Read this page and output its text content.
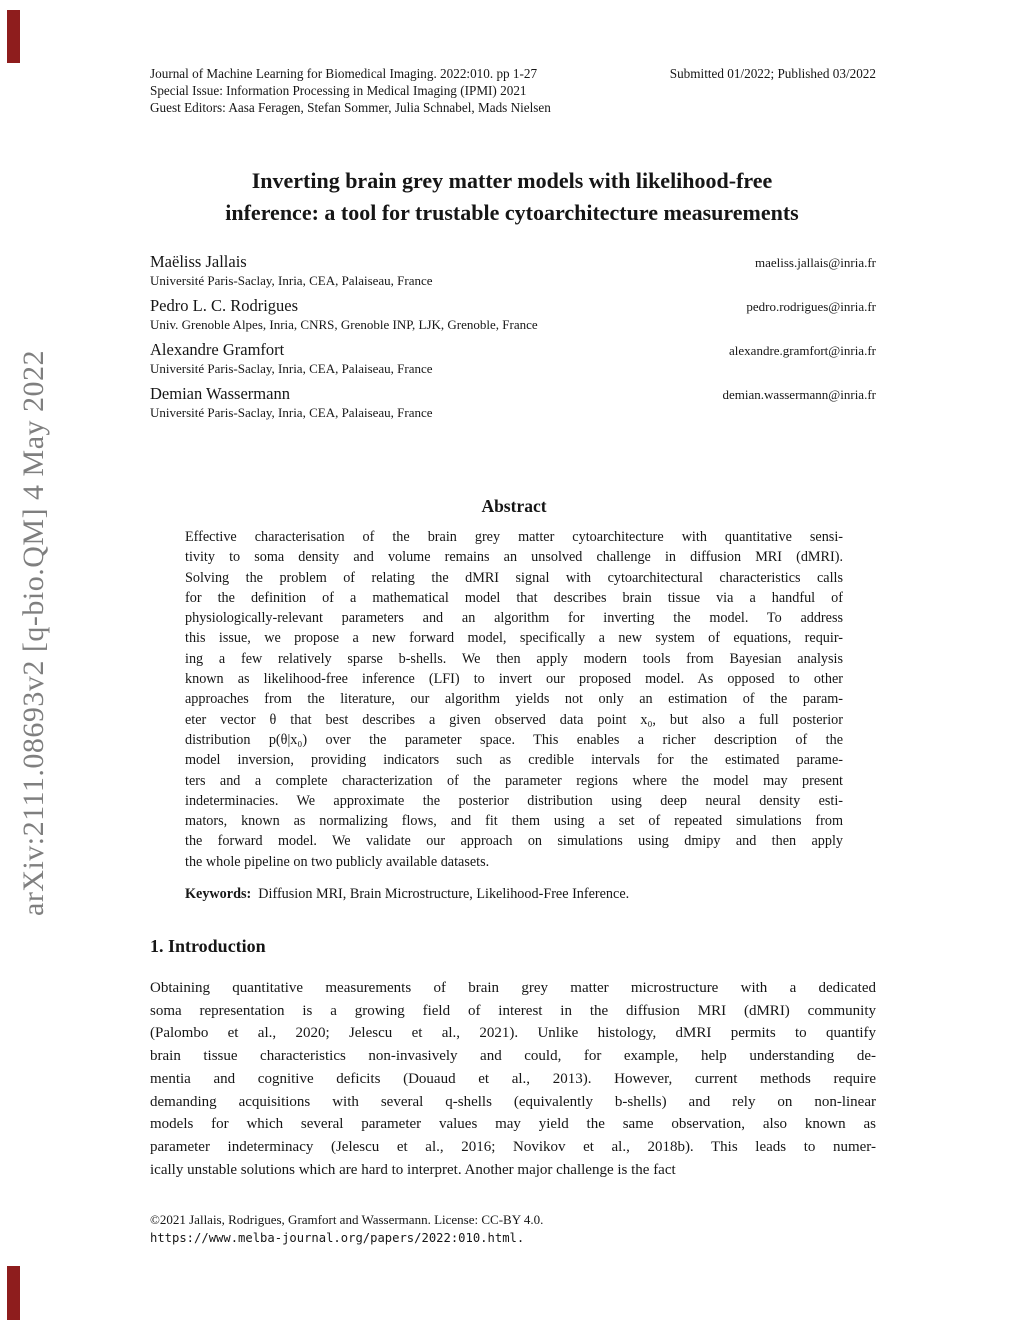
arXiv:2111.08693v2 [q-bio.QM] 4 May 2022
Journal of Machine Learning for Biomedical Imaging. 2022:010. pp 1-27
Special Issue: Information Processing in Medical Imaging (IPMI) 2021
Guest Editors: Aasa Feragen, Stefan Sommer, Julia Schnabel, Mads Nielsen
Submitted 01/2022; Published 03/2022
Inverting brain grey matter models with likelihood-free
inference: a tool for trustable cytoarchitecture measurements
Maëliss Jallais	maeliss.jallais@inria.fr
Université Paris-Saclay, Inria, CEA, Palaiseau, France
Pedro L. C. Rodrigues	pedro.rodrigues@inria.fr
Univ. Grenoble Alpes, Inria, CNRS, Grenoble INP, LJK, Grenoble, France
Alexandre Gramfort	alexandre.gramfort@inria.fr
Université Paris-Saclay, Inria, CEA, Palaiseau, France
Demian Wassermann	demian.wassermann@inria.fr
Université Paris-Saclay, Inria, CEA, Palaiseau, France
Abstract
Effective characterisation of the brain grey matter cytoarchitecture with quantitative sensi-
tivity to soma density and volume remains an unsolved challenge in diffusion MRI (dMRI).
Solving the problem of relating the dMRI signal with cytoarchitectural characteristics calls
for the definition of a mathematical model that describes brain tissue via a handful of
physiologically-relevant parameters and an algorithm for inverting the model. To address
this issue, we propose a new forward model, specifically a new system of equations, requir-
ing a few relatively sparse b-shells. We then apply modern tools from Bayesian analysis
known as likelihood-free inference (LFI) to invert our proposed model. As opposed to other
approaches from the literature, our algorithm yields not only an estimation of the param-
eter vector θ that best describes a given observed data point x₀, but also a full posterior
distribution p(θ|x₀) over the parameter space. This enables a richer description of the
model inversion, providing indicators such as credible intervals for the estimated parame-
ters and a complete characterization of the parameter regions where the model may present
indeterminacies. We approximate the posterior distribution using deep neural density esti-
mators, known as normalizing flows, and fit them using a set of repeated simulations from
the forward model. We validate our approach on simulations using dmipy and then apply
the whole pipeline on two publicly available datasets.
Keywords: Diffusion MRI, Brain Microstructure, Likelihood-Free Inference.
1. Introduction
Obtaining quantitative measurements of brain grey matter microstructure with a dedicated
soma representation is a growing field of interest in the diffusion MRI (dMRI) community
(Palombo et al., 2020; Jelescu et al., 2021). Unlike histology, dMRI permits to quantify
brain tissue characteristics non-invasively and could, for example, help understanding de-
mentia and cognitive deficits (Douaud et al., 2013). However, current methods require
demanding acquisitions with several q-shells (equivalently b-shells) and rely on non-linear
models for which several parameter values may yield the same observation, also known as
parameter indeterminacy (Jelescu et al., 2016; Novikov et al., 2018b). This leads to numer-
ically unstable solutions which are hard to interpret. Another major challenge is the fact
©2021 Jallais, Rodrigues, Gramfort and Wassermann. License: CC-BY 4.0.
https://www.melba-journal.org/papers/2022:010.html.
